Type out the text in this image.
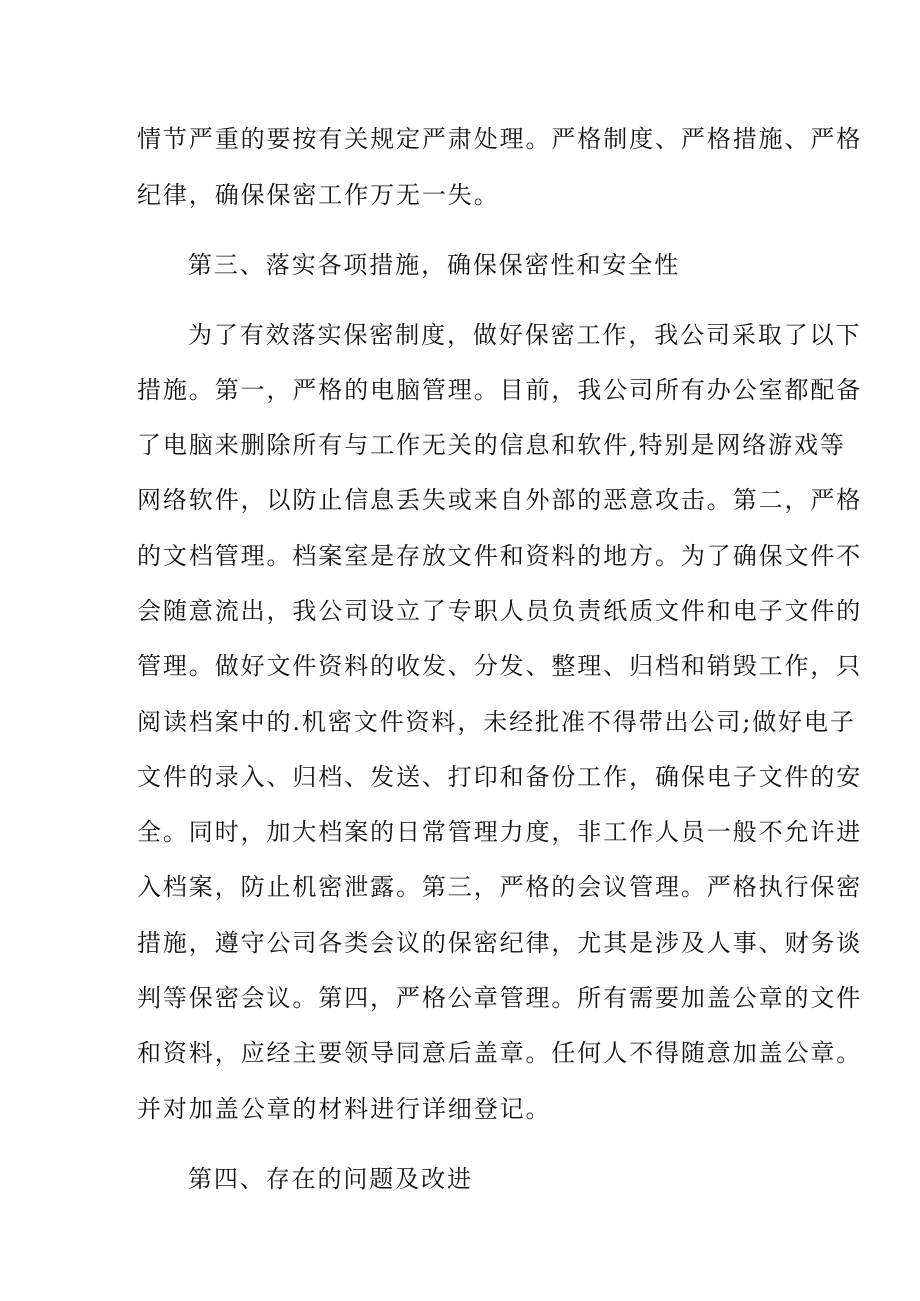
情节严重的要按有关规定严肃处理。严格制度、严格措施、严格
纪律，确保保密工作万无一失。
第三、落实各项措施，确保保密性和安全性
为了有效落实保密制度，做好保密工作，我公司采取了以下
措施。第一，严格的电脑管理。目前，我公司所有办公室都配备
了电脑来删除所有与工作无关的信息和软件,特别是网络游戏等
网络软件，以防止信息丢失或来自外部的恶意攻击。第二，严格
的文档管理。档案室是存放文件和资料的地方。为了确保文件不
会随意流出，我公司设立了专职人员负责纸质文件和电子文件的
管理。做好文件资料的收发、分发、整理、归档和销毁工作，只
阅读档案中的.机密文件资料，未经批准不得带出公司;做好电子
文件的录入、归档、发送、打印和备份工作，确保电子文件的安
全。同时，加大档案的日常管理力度，非工作人员一般不允许进
入档案，防止机密泄露。第三，严格的会议管理。严格执行保密
措施，遵守公司各类会议的保密纪律，尤其是涉及人事、财务谈
判等保密会议。第四，严格公章管理。所有需要加盖公章的文件
和资料，应经主要领导同意后盖章。任何人不得随意加盖公章。
并对加盖公章的材料进行详细登记。
第四、存在的问题及改进
